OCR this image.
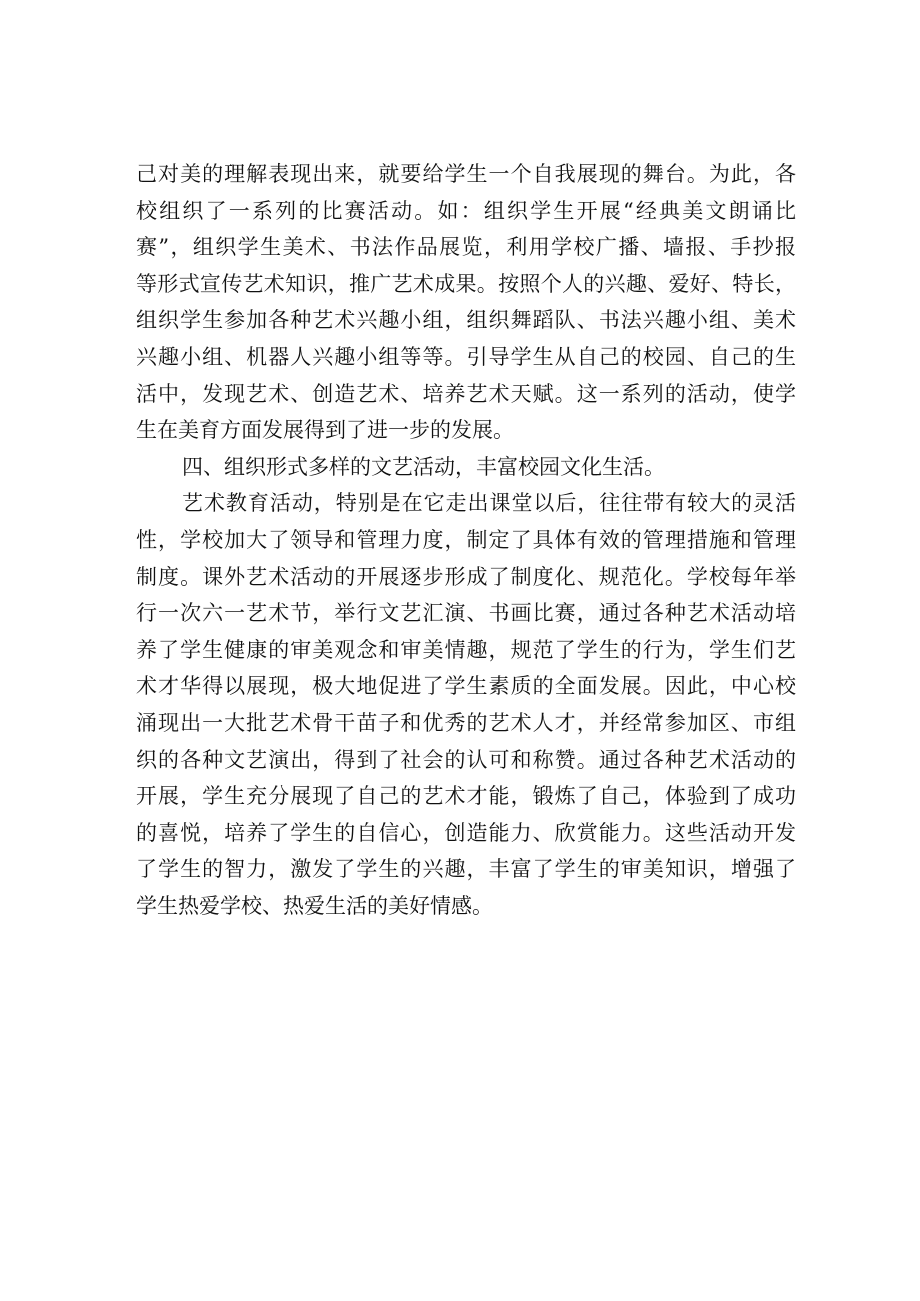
己对美的理解表现出来，就要给学生一个自我展现的舞台。为此，各
校组织了一系列的比赛活动。如：组织学生开展“经典美文朗诵比
赛”，组织学生美术、书法作品展览，利用学校广播、墙报、手抄报
等形式宣传艺术知识，推广艺术成果。按照个人的兴趣、爱好、特长，
组织学生参加各种艺术兴趣小组，组织舞蹈队、书法兴趣小组、美术
兴趣小组、机器人兴趣小组等等。引导学生从自己的校园、自己的生
活中，发现艺术、创造艺术、培养艺术天赋。这一系列的活动，使学
生在美育方面发展得到了进一步的发展。
四、组织形式多样的文艺活动，丰富校园文化生活。
艺术教育活动，特别是在它走出课堂以后，往往带有较大的灵活
性，学校加大了领导和管理力度，制定了具体有效的管理措施和管理
制度。课外艺术活动的开展逐步形成了制度化、规范化。学校每年举
行一次六一艺术节，举行文艺汇演、书画比赛，通过各种艺术活动培
养了学生健康的审美观念和审美情趣，规范了学生的行为，学生们艺
术才华得以展现，极大地促进了学生素质的全面发展。因此，中心校
涌现出一大批艺术骨干苗子和优秀的艺术人才，并经常参加区、市组
织的各种文艺演出，得到了社会的认可和称赞。通过各种艺术活动的
开展，学生充分展现了自己的艺术才能，锻炼了自己，体验到了成功
的喜悦，培养了学生的自信心，创造能力、欣赏能力。这些活动开发
了学生的智力，激发了学生的兴趣，丰富了学生的审美知识，增强了
学生热爱学校、热爱生活的美好情感。
